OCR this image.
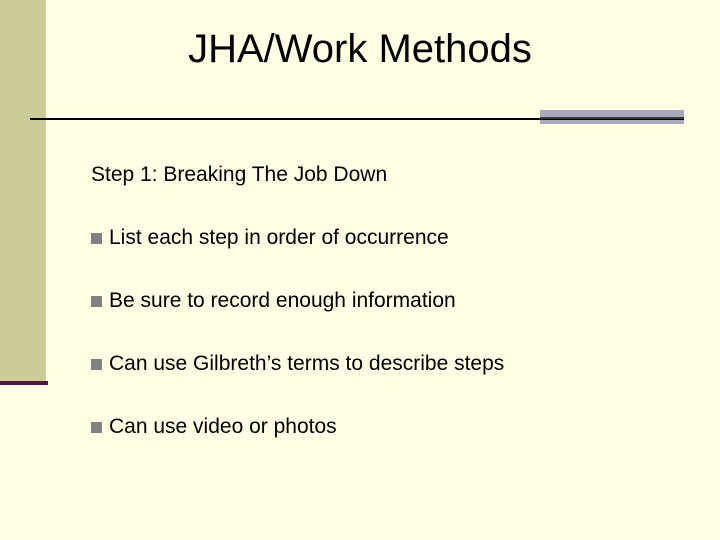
JHA/Work Methods
Step 1: Breaking The Job Down
List each step in order of occurrence
Be sure to record enough information
Can use Gilbreth’s terms to describe steps
Can use video or photos
